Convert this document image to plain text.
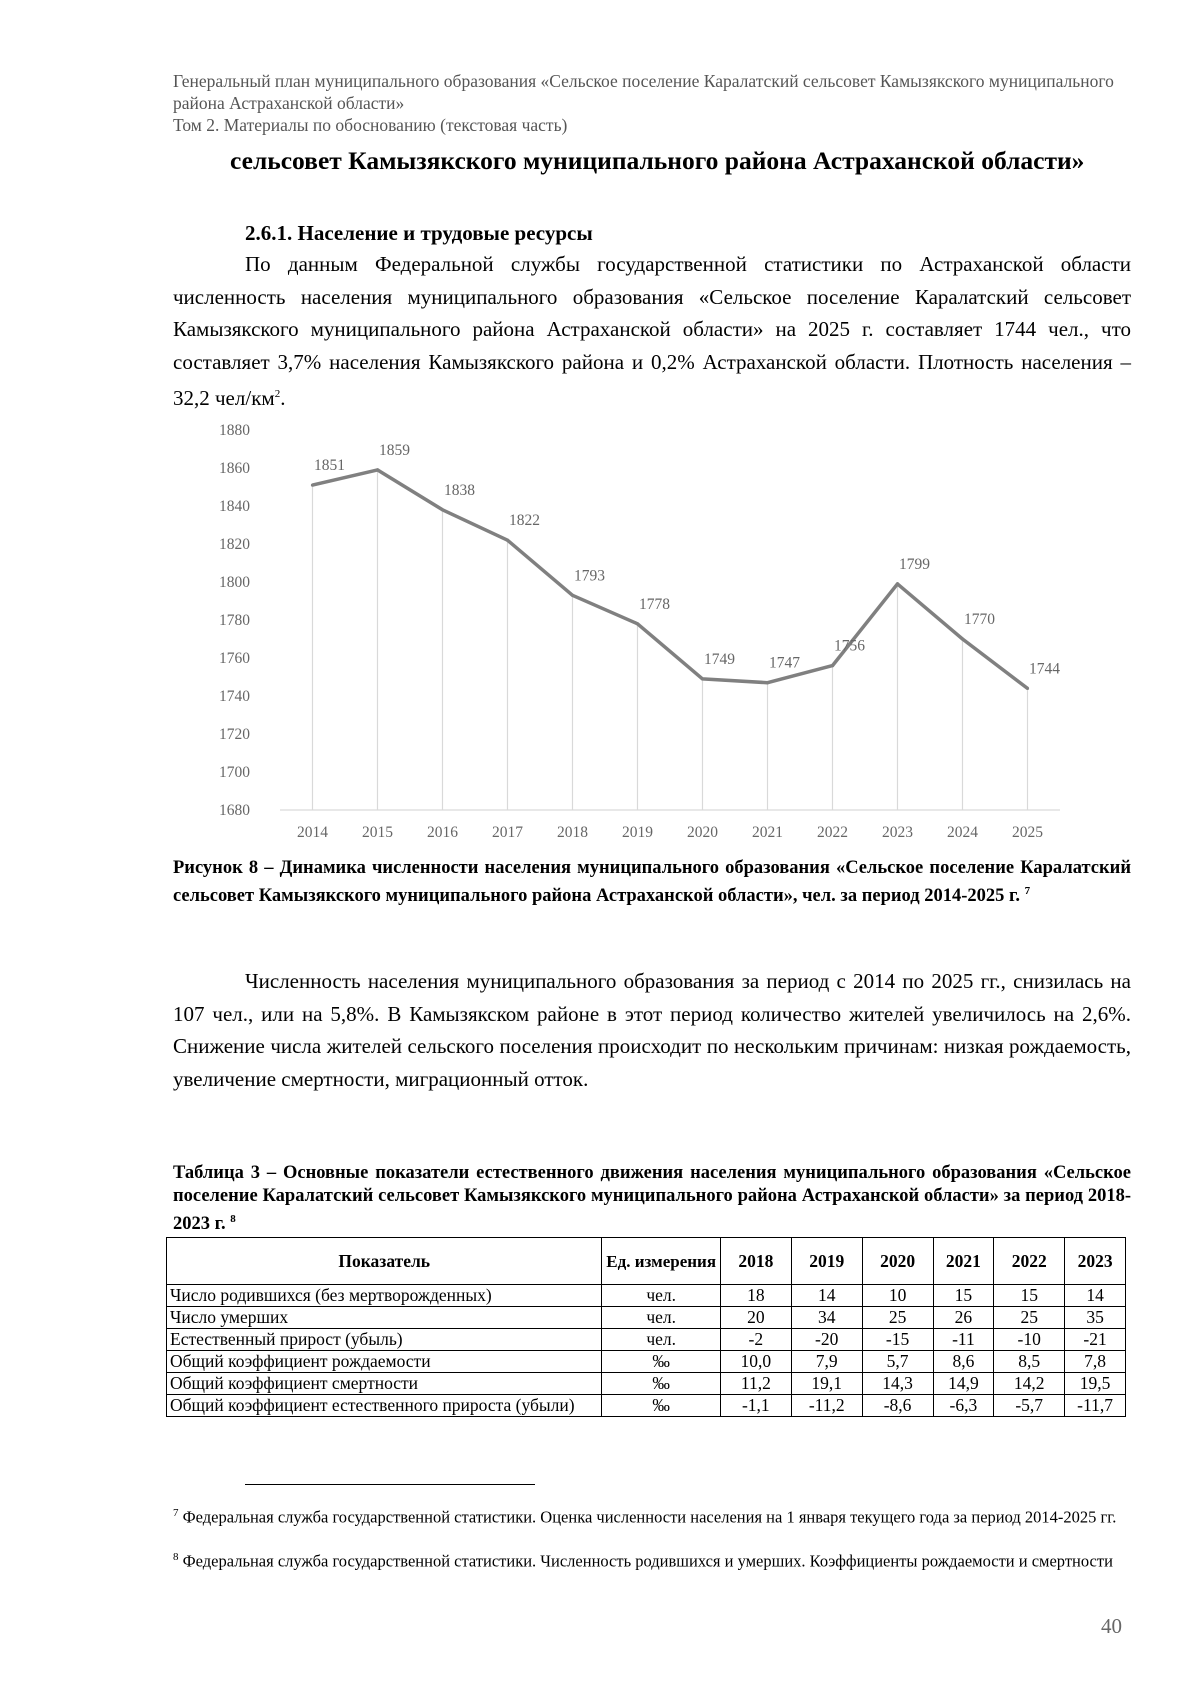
Генеральный план муниципального образования «Сельское поселение Каралатский сельсовет Камызякского муниципального района Астраханской области»
Том 2. Материалы по обоснованию (текстовая часть)
сельсовет Камызякского муниципального района Астраханской области»
2.6.1. Население и трудовые ресурсы

По данным Федеральной службы государственной статистики по Астраханской области численность населения муниципального образования «Сельское поселение Каралатский сельсовет Камызякского муниципального района Астраханской области» на 2025 г. составляет 1744 чел., что составляет 3,7% населения Камызякского района и 0,2% Астраханской области. Плотность населения – 32,2 чел/$км^2$.

1680
1700
1720
1740
1760
1780
1800
1820
1840
1860
1880
2014 2015 2016 2017 2018 2019 2020 2021 2022 2023 2024 2025
1851
1859
1838
1822
1793
1778
1749 1747
1756
1799
1770
1744

Рисунок 8 – Динамика численности населения муниципального образования «Сельское поселение Каралатский сельсовет Камызякского муниципального района Астраханской области», чел. за период 2014-2025 г. $^7$

Численность населения муниципального образования за период с 2014 по 2025 гг., снизилась на 107 чел., или на 5,8%. В Камызякском районе в этот период количество жителей увеличилось на 2,6%. Снижение числа жителей сельского поселения происходит по нескольким причинам: низкая рождаемость, увеличение смертности, миграционный отток.

Таблица 3 – Основные показатели естественного движения населения муниципального образования «Сельское поселение Каралатский сельсовет Камызякского муниципального района Астраханской области» за период 2018-2023 г. $^8$

Показатель	Ед. измерения	2018	2019	2020	2021	2022	2023
Число родившихся (без мертворожденных)	чел.	18	14	10	15	15	14
Число умерших	чел.	20	34	25	26	25	35
Естественный прирост (убыль)	чел.	-2	-20	-15	-11	-10	-21
Общий коэффициент рождаемости	‰	10,0	7,9	5,7	8,6	8,5	7,8
Общий коэффициент смертности	‰	11,2	19,1	14,3	14,9	14,2	19,5
Общий коэффициент естественного прироста (убыли)	‰	-1,1	-11,2	-8,6	-6,3	-5,7	-11,7

$^7$ Федеральная служба государственной статистики. Оценка численности населения на 1 января текущего года за период 2014-2025 гг.

$^8$ Федеральная служба государственной статистики. Численность родившихся и умерших. Коэффициенты рождаемости и смертности

40
